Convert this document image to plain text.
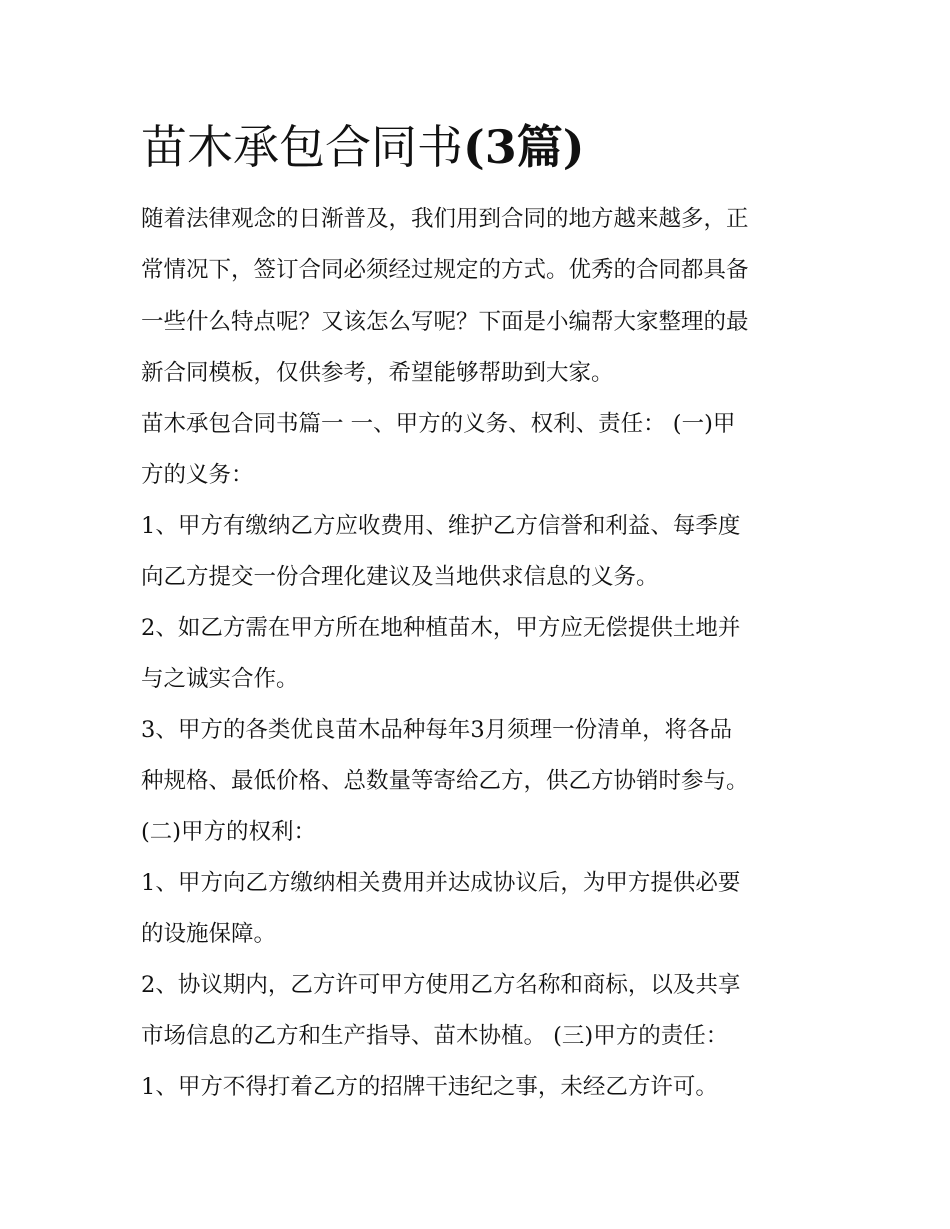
苗木承包合同书(3篇)

随着法律观念的日渐普及，我们用到合同的地方越来越多，正

常情况下，签订合同必须经过规定的方式。优秀的合同都具备

一些什么特点呢？又该怎么写呢？下面是小编帮大家整理的最

新合同模板，仅供参考，希望能够帮助到大家。

苗木承包合同书篇一 一、甲方的义务、权利、责任： (一)甲

方的义务：

1、甲方有缴纳乙方应收费用、维护乙方信誉和利益、每季度

向乙方提交一份合理化建议及当地供求信息的义务。

2、如乙方需在甲方所在地种植苗木，甲方应无偿提供土地并

与之诚实合作。

3、甲方的各类优良苗木品种每年3月须理一份清单，将各品

种规格、最低价格、总数量等寄给乙方，供乙方协销时参与。

(二)甲方的权利：

1、甲方向乙方缴纳相关费用并达成协议后，为甲方提供必要

的设施保障。

2、协议期内，乙方许可甲方使用乙方名称和商标，以及共享

市场信息的乙方和生产指导、苗木协植。 (三)甲方的责任：

1、甲方不得打着乙方的招牌干违纪之事，未经乙方许可。
